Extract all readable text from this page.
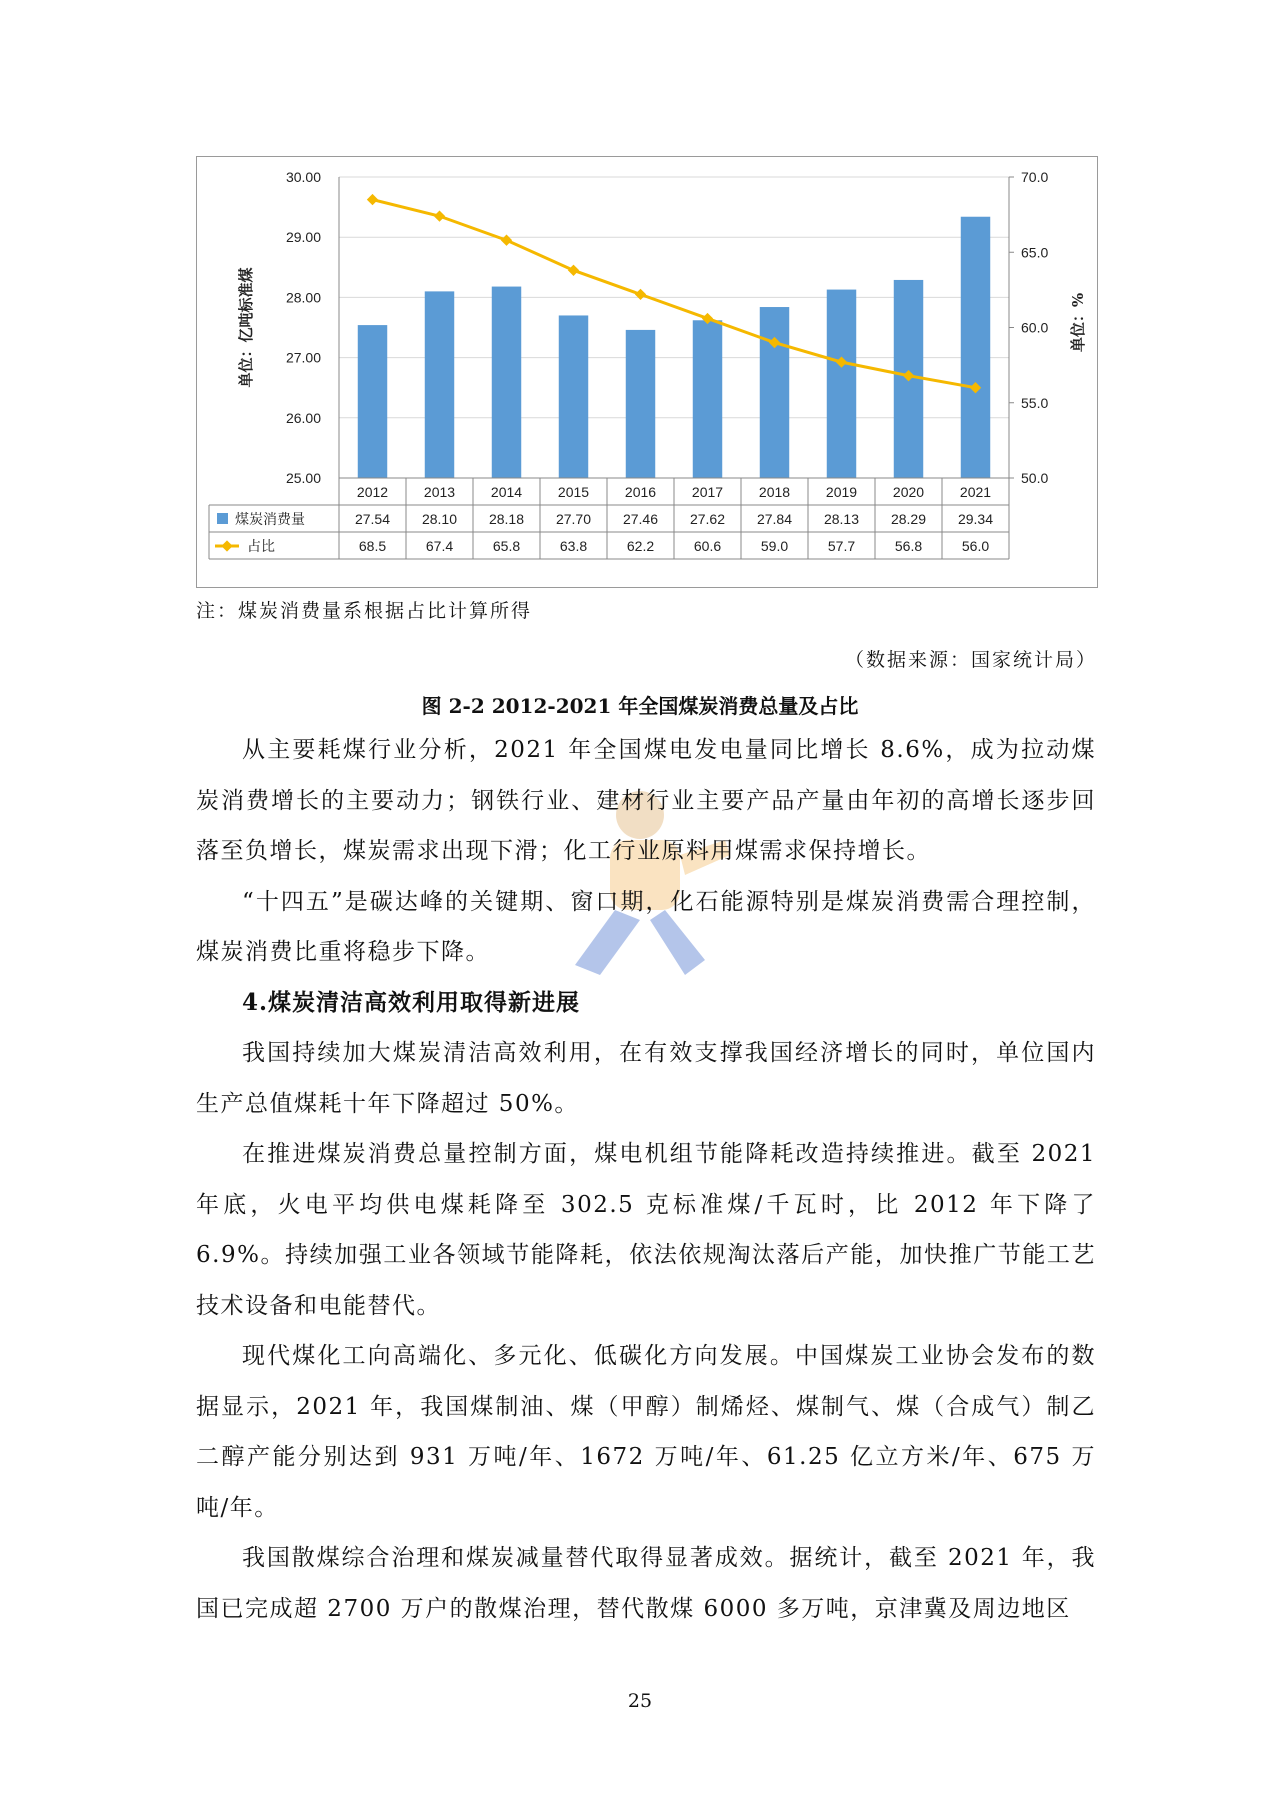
25.00
26.00
27.00
28.00
29.00
30.00
50.0
55.0
60.0
65.0
70.0
单位：亿吨标准煤	单位：%
2012
27.54
68.5
2013
28.10
67.4
2014
28.18
65.8
2015
27.70
63.8
2016
27.46
62.2
2017
27.62
60.6
2018
27.84
59.0
2019
28.13
57.7
2020
28.29
56.8
2021
29.34
56.0
煤炭消费量
占比
注：煤炭消费量系根据占比计算所得
（数据来源：国家统计局）
图 2-2 2012-2021 年全国煤炭消费总量及占比

从主要耗煤行业分析，2021 年全国煤电发电量同比增长 8.6%，成为拉动煤炭消费增长的主要动力；钢铁行业、建材行业主要产品产量由年初的高增长逐步回落至负增长，煤炭需求出现下滑；化工行业原料用煤需求保持增长。

“十四五”是碳达峰的关键期、窗口期，化石能源特别是煤炭消费需合理控制，煤炭消费比重将稳步下降。

4.煤炭清洁高效利用取得新进展

我国持续加大煤炭清洁高效利用，在有效支撑我国经济增长的同时，单位国内生产总值煤耗十年下降超过 50%。

在推进煤炭消费总量控制方面，煤电机组节能降耗改造持续推进。截至 2021 年底，火电平均供电煤耗降至 302.5 克标准煤/千瓦时，比 2012 年下降了 6.9%。持续加强工业各领域节能降耗，依法依规淘汰落后产能，加快推广节能工艺技术设备和电能替代。

现代煤化工向高端化、多元化、低碳化方向发展。中国煤炭工业协会发布的数据显示，2021 年，我国煤制油、煤（甲醇）制烯烃、煤制气、煤（合成气）制乙二醇产能分别达到 931 万吨/年、1672 万吨/年、61.25 亿立方米/年、675 万吨/年。

我国散煤综合治理和煤炭减量替代取得显著成效。据统计，截至 2021 年，我国已完成超 2700 万户的散煤治理，替代散煤 6000 多万吨，京津冀及周边地区

25
